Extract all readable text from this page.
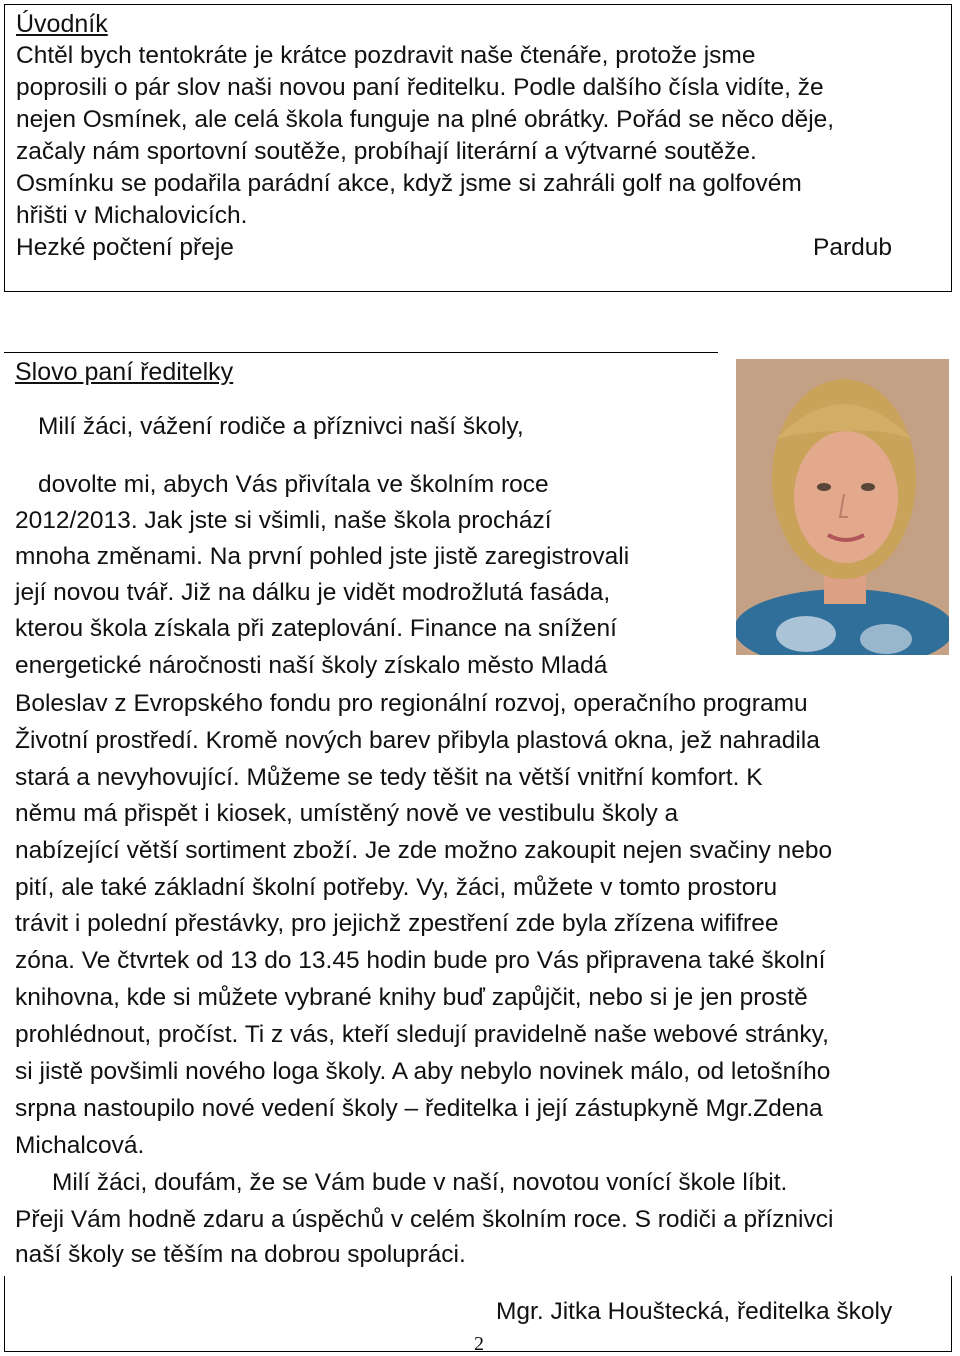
Úvodník
Chtěl bych tentokráte je krátce pozdravit naše čtenáře, protože jsme
poprosili o pár slov naši novou paní ředitelku. Podle dalšího čísla vidíte, že
nejen Osmínek, ale celá škola funguje na plné obrátky. Pořád se něco děje,
začaly nám sportovní soutěže, probíhají literární a výtvarné soutěže.
Osmínku se podařila parádní akce, když jsme si zahráli golf na golfovém
hřišti v Michalovicích.
Hezké počtení přeje	Pardub
Slovo paní ředitelky
Milí žáci, vážení rodiče a příznivci naší školy,
dovolte mi, abych Vás přivítala ve školním roce
2012/2013. Jak jste si všimli, naše škola prochází
mnoha změnami. Na první pohled jste jistě zaregistrovali
její novou tvář. Již na dálku je vidět modrožlutá fasáda,
kterou škola získala při zateplování. Finance na snížení
energetické náročnosti naší školy získalo město Mladá
Boleslav z Evropského fondu pro regionální rozvoj, operačního programu
Životní prostředí. Kromě nových barev přibyla plastová okna, jež nahradila
stará a nevyhovující. Můžeme se tedy těšit na větší vnitřní komfort. K
němu má přispět i kiosek, umístěný nově ve vestibulu školy a
nabízející větší sortiment zboží. Je zde možno zakoupit nejen svačiny nebo
pití, ale také základní školní potřeby. Vy, žáci, můžete v tomto prostoru
trávit i polední přestávky, pro jejichž zpestření zde byla zřízena wififree
zóna. Ve čtvrtek od 13 do 13.45 hodin bude pro Vás připravena také školní
knihovna, kde si můžete vybrané knihy buď zapůjčit, nebo si je jen prostě
prohlédnout, pročíst. Ti z vás, kteří sledují pravidelně naše webové stránky,
si jistě povšimli nového loga školy. A aby nebylo novinek málo, od letošního
srpna nastoupilo nové vedení školy – ředitelka i její zástupkyně Mgr.Zdena
Michalcová.
Milí žáci, doufám, že se Vám bude v naší, novotou vonící škole líbit.
Přeji Vám hodně zdaru a úspěchů v celém školním roce. S rodiči a příznivci
naší školy se těším na dobrou spolupráci.
Mgr. Jitka Houštecká, ředitelka školy
2
